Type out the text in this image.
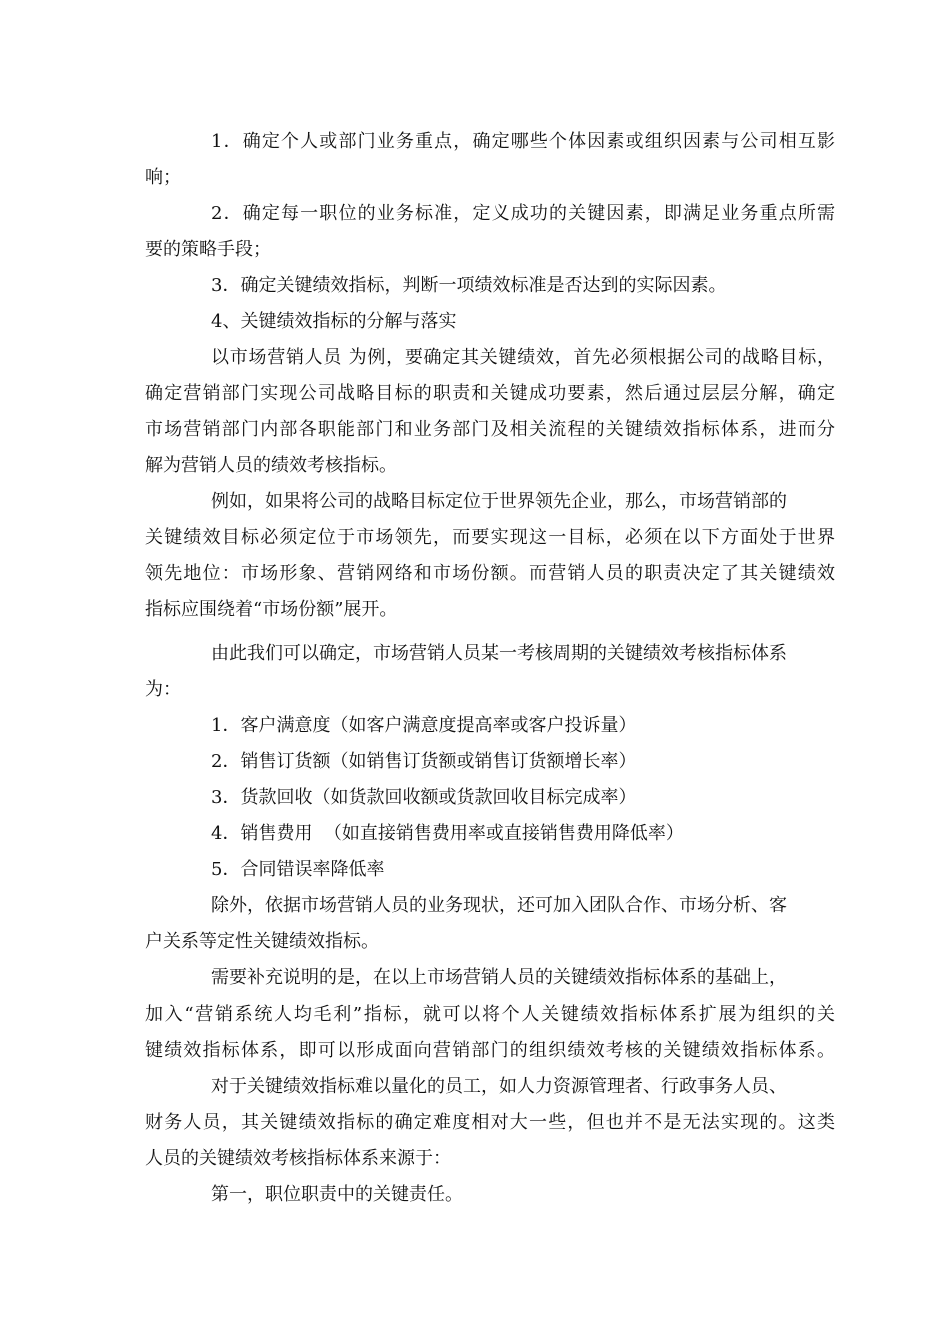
1．确定个人或部门业务重点，确定哪些个体因素或组织因素与公司相互影
响；
2．确定每一职位的业务标准，定义成功的关键因素，即满足业务重点所需
要的策略手段；
3．确定关键绩效指标，判断一项绩效标准是否达到的实际因素。
4、关键绩效指标的分解与落实
以市场营销人员 为例，要确定其关键绩效，首先必须根据公司的战略目标，
确定营销部门实现公司战略目标的职责和关键成功要素，然后通过层层分解，确定
市场营销部门内部各职能部门和业务部门及相关流程的关键绩效指标体系，进而分
解为营销人员的绩效考核指标。
例如，如果将公司的战略目标定位于世界领先企业，那么，市场营销部的
关键绩效目标必须定位于市场领先，而要实现这一目标，必须在以下方面处于世界
领先地位：市场形象、营销网络和市场份额。而营销人员的职责决定了其关键绩效
指标应围绕着“市场份额”展开。
由此我们可以确定，市场营销人员某一考核周期的关键绩效考核指标体系
为：
1．客户满意度（如客户满意度提高率或客户投诉量）
2．销售订货额（如销售订货额或销售订货额增长率）
3．货款回收（如货款回收额或货款回收目标完成率）
4．销售费用  （如直接销售费用率或直接销售费用降低率）
5．合同错误率降低率
除外，依据市场营销人员的业务现状，还可加入团队合作、市场分析、客
户关系等定性关键绩效指标。
需要补充说明的是，在以上市场营销人员的关键绩效指标体系的基础上，
加入“营销系统人均毛利”指标，就可以将个人关键绩效指标体系扩展为组织的关
键绩效指标体系，即可以形成面向营销部门的组织绩效考核的关键绩效指标体系。
对于关键绩效指标难以量化的员工，如人力资源管理者、行政事务人员、
财务人员，其关键绩效指标的确定难度相对大一些，但也并不是无法实现的。这类
人员的关键绩效考核指标体系来源于：
第一，职位职责中的关键责任。
